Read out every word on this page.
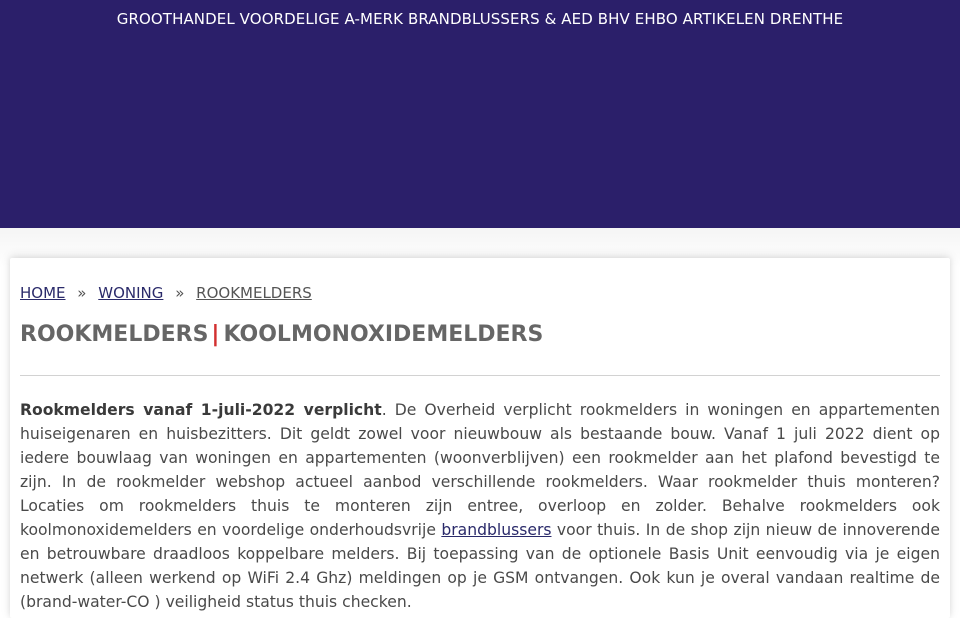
GROOTHANDEL VOORDELIGE A-MERK BRANDBLUSSERS & AED BHV EHBO ARTIKELEN DRENTHE
HOME » WONING » ROOKMELDERS
ROOKMELDERS | KOOLMONOXIDEMELDERS

Rookmelders vanaf 1-juli-2022 verplicht. De Overheid verplicht rookmelders in woningen en appartementen huiseigenaren en huisbezitters. Dit geldt zowel voor nieuwbouw als bestaande bouw. Vanaf 1 juli 2022 dient op iedere bouwlaag van woningen en appartementen (woonverblijven) een rookmelder aan het plafond bevestigd te zijn. In de rookmelder webshop actueel aanbod verschillende rookmelders. Waar rookmelder thuis monteren? Locaties om rookmelders thuis te monteren zijn entree, overloop en zolder. Behalve rookmelders ook koolmonoxidemelders en voordelige onderhoudsvrije brandblussers voor thuis. In de shop zijn nieuw de innoverende en betrouwbare draadloos koppelbare melders. Bij toepassing van de optionele Basis Unit eenvoudig via je eigen netwerk (alleen werkend op WiFi 2.4 Ghz) meldingen op je GSM ontvangen. Ook kun je overal vandaan realtime de (brand-water-CO ) veiligheid status thuis checken.
